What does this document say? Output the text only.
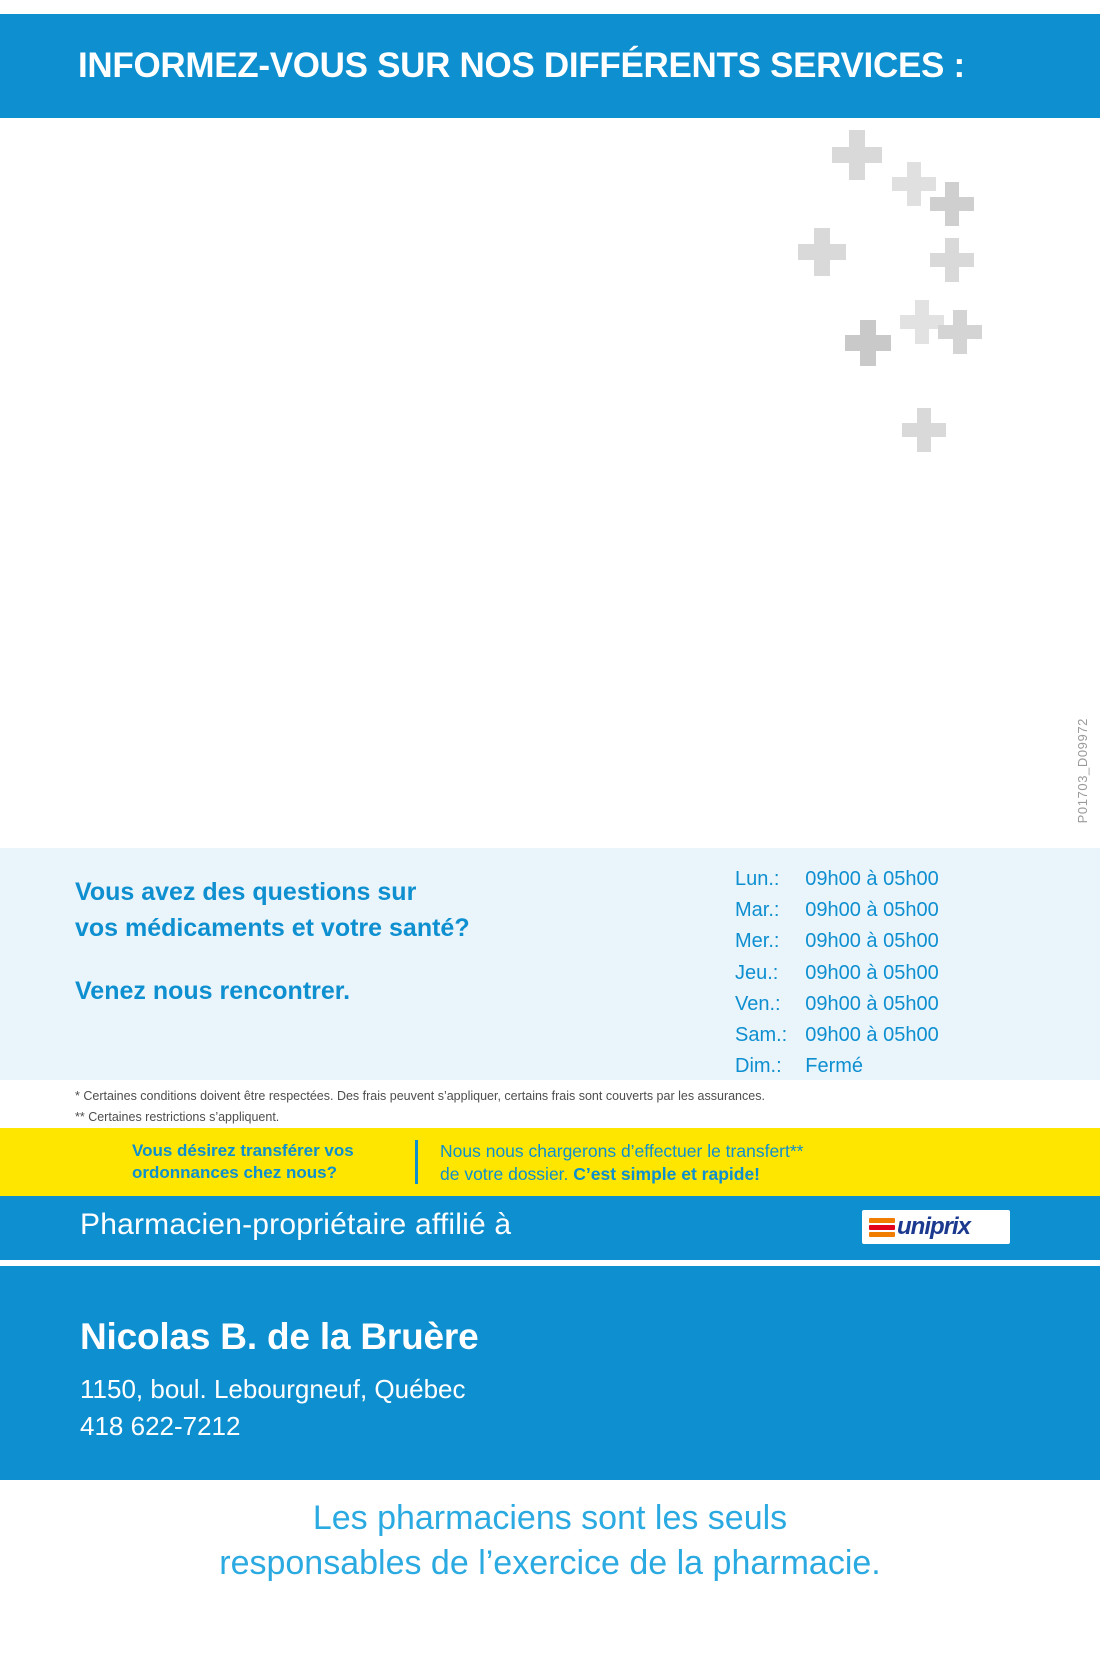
INFORMEZ-VOUS SUR NOS DIFFÉRENTS SERVICES :
P01703_D09972
Vous avez des questions sur
vos médicaments et votre santé?
Venez nous rencontrer.
Lun.:	09h00 à 05h00
Mar.:	09h00 à 05h00
Mer.:	09h00 à 05h00
Jeu.:	09h00 à 05h00
Ven.:	09h00 à 05h00
Sam.:	09h00 à 05h00
Dim.:	Fermé
* Certaines conditions doivent être respectées. Des frais peuvent s’appliquer, certains frais sont couverts par les assurances.
** Certaines restrictions s’appliquent.
Vous désirez transférer vos
ordonnances chez nous?
Nous nous chargerons d’effectuer le transfert**
de votre dossier. C’est simple et rapide!
Pharmacien-propriétaire affilié à	uniprix
Nicolas B. de la Bruère
1150, boul. Lebourgneuf, Québec
418 622-7212
Les pharmaciens sont les seuls
responsables de l’exercice de la pharmacie.
